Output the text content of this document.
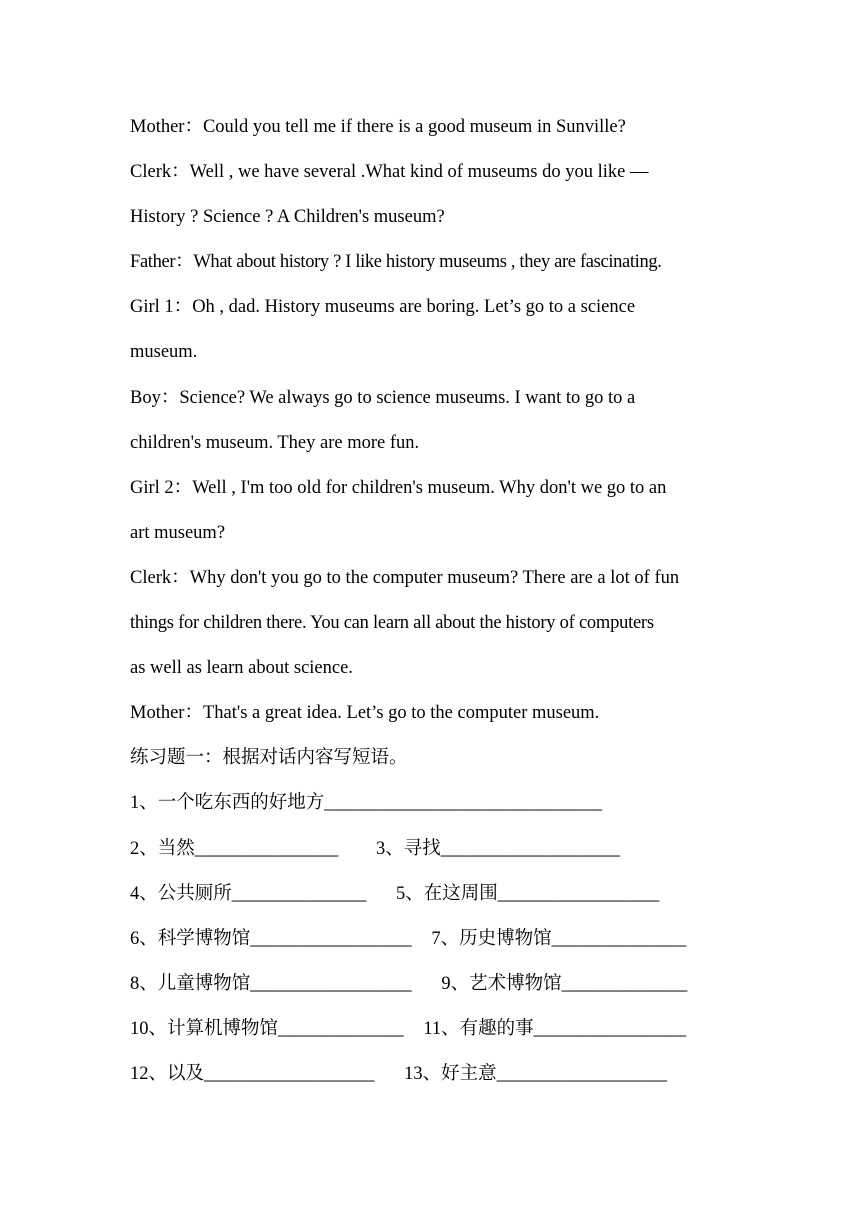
Mother：Could you tell me if there is a good museum in Sunville?
Clerk：Well , we have several .What kind of museums do you like —
History ? Science ? A Children's museum?
Father：What about history ? I like history museums , they are fascinating.
Girl 1：Oh , dad. History museums are boring. Let’s go to a science
museum.
Boy：Science? We always go to science museums. I want to go to a
children's museum. They are more fun.
Girl 2：Well , I'm too old for children's museum. Why don't we go to an
art museum?
Clerk：Why don't you go to the computer museum? There are a lot of fun
things for children there. You can learn all about the history of computers
as well as learn about science.
Mother：That's a great idea. Let’s go to the computer museum.
练习题一：根据对话内容写短语。
1、一个吃东西的好地方 _______________________________
2、当然 ________________ 3、寻找 ____________________
4、公共厕所 _______________ 5、在这周围 __________________
6、科学博物馆 __________________ 7、历史博物馆 _______________
8、儿童博物馆 __________________ 9、艺术博物馆 ______________
10、计算机博物馆 ______________ 11、有趣的事 _________________
12、以及 ___________________ 13、好主意 ___________________
